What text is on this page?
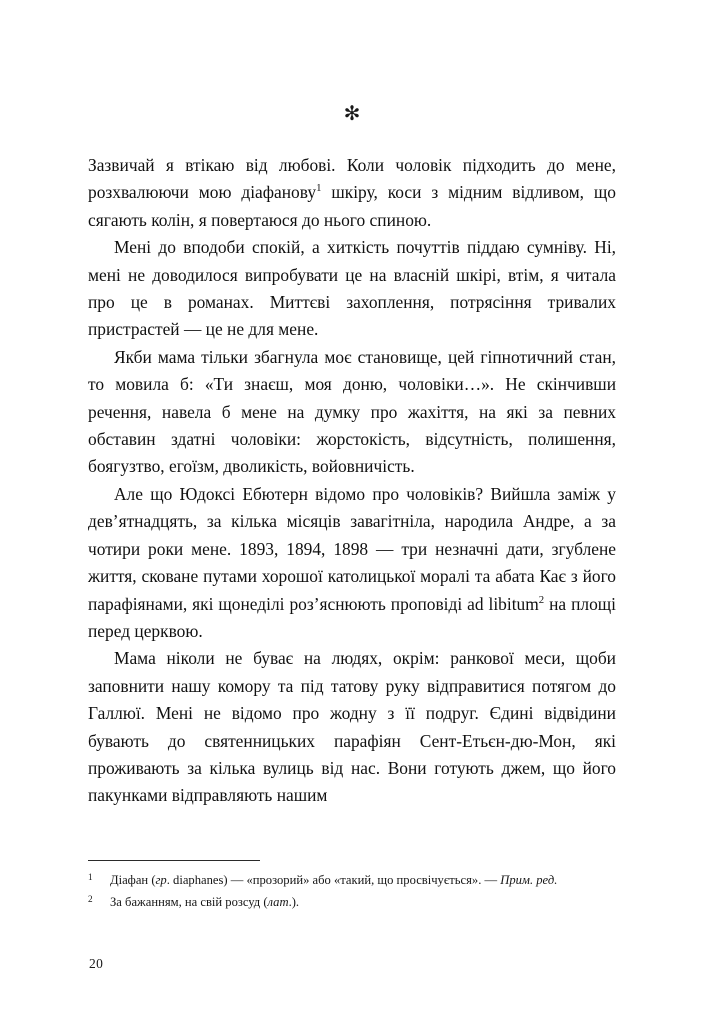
✻

Зазвичай я втікаю від любові. Коли чоловік підходить до мене, розхвалюючи мою діафанову$^1$ шкіру, коси з мідним відливом, що сягають колін, я повертаюся до нього спиною.

Мені до вподоби спокій, а хиткість почуттів піддаю сумніву. Ні, мені не доводилося випробувати це на власній шкірі, втім, я читала про це в романах. Миттєві захоплення, потрясіння тривалих пристрастей — це не для мене.

Якби мама тільки збагнула моє становище, цей гіпнотичний стан, то мовила б: «Ти знаєш, моя доню, чоловіки…». Не скінчивши речення, навела б мене на думку про жахіття, на які за певних обставин здатні чоловіки: жорстокість, відсутність, полишення, боягузтво, егоїзм, дволикість, войовничість.

Але що Юдоксі Ебютерн відомо про чоловіків? Вийшла заміж у дев’ятнадцять, за кілька місяців завагітніла, народила Андре, а за чотири роки мене. 1893, 1894, 1898 — три незначні дати, згублене життя, сковане путами хорошої католицької моралі та абата Кає з його парафіянами, які щонеділі роз’яснюють проповіді ad libitum$^2$ на площі перед церквою.

Мама ніколи не буває на людях, окрім: ранкової меси, щоби заповнити нашу комору та під татову руку відправитися потягом до Галлюї. Мені не відомо про жодну з її подруг. Єдині відвідини бувають до святенницьких парафіян Сент-Етьєн-дю-Мон, які проживають за кілька вулиць від нас. Вони готують джем, що його пакунками відправляють нашим

1	Діафан (гр. diaphanes) — «прозорий» або «такий, що просвічується». — Прим. ред.
2	За бажанням, на свій розсуд (лат.).
20
